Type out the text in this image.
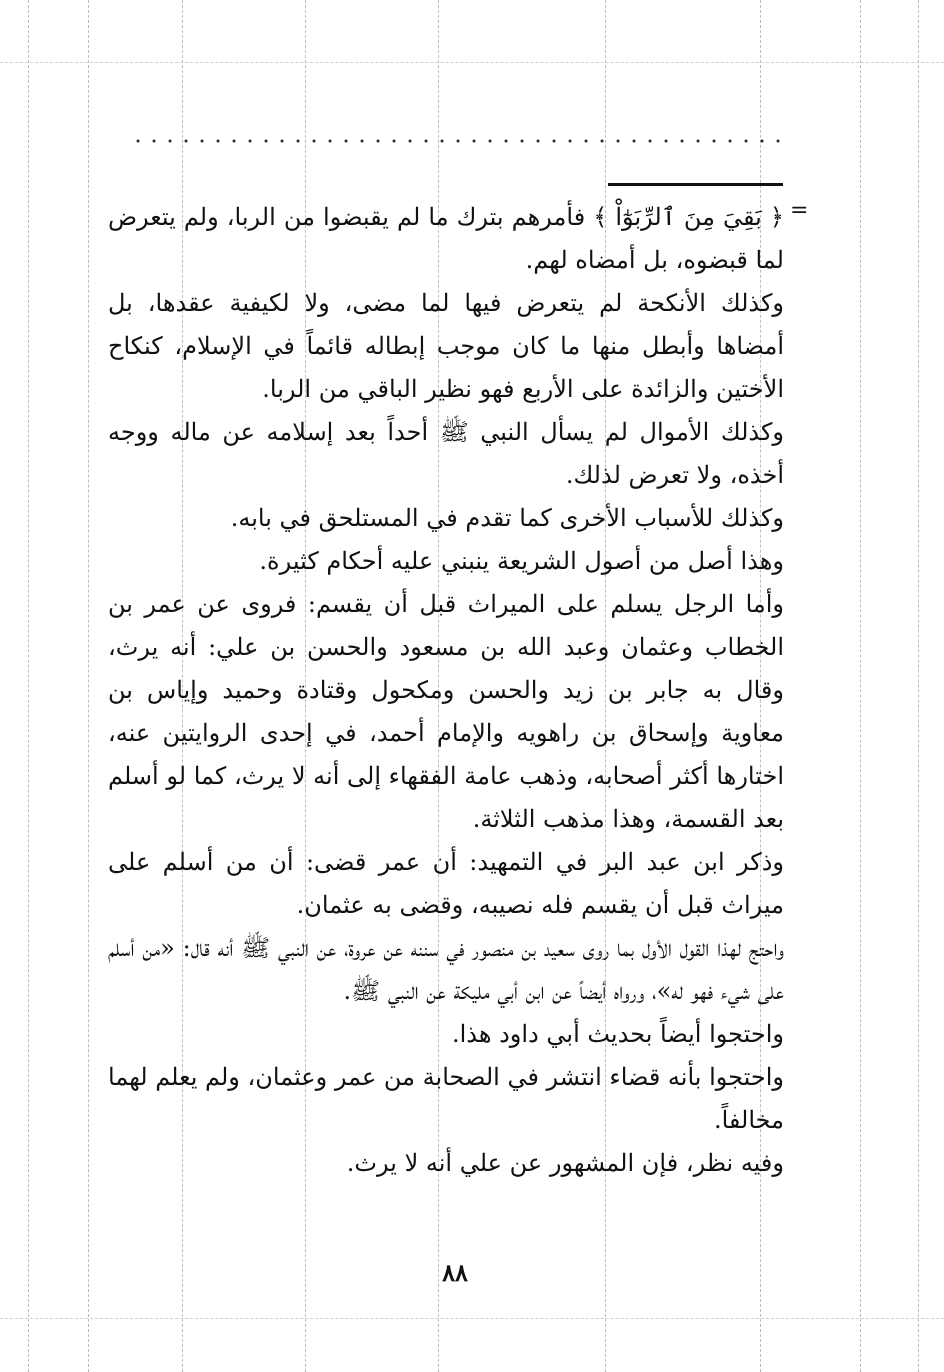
=

﴿ بَقِيَ مِنَ ٱلرِّبَوٰٓاْ ﴾ فأمرهم بترك ما لم يقبضوا من الربا، ولم يتعرض لما قبضوه، بل أمضاه لهم.

وكذلك الأنكحة لم يتعرض فيها لما مضى، ولا لكيفية عقدها، بل أمضاها وأبطل منها ما كان موجب إبطاله قائماً في الإسلام، كنكاح الأختين والزائدة على الأربع فهو نظير الباقي من الربا.

وكذلك الأموال لم يسأل النبي ﷺ أحداً بعد إسلامه عن ماله ووجه أخذه، ولا تعرض لذلك.

وكذلك للأسباب الأخرى كما تقدم في المستلحق في بابه.

وهذا أصل من أصول الشريعة ينبني عليه أحكام كثيرة.

وأما الرجل يسلم على الميراث قبل أن يقسم: فروى عن عمر بن الخطاب وعثمان وعبد الله بن مسعود والحسن بن علي: أنه يرث، وقال به جابر بن زيد والحسن ومكحول وقتادة وحميد وإياس بن معاوية وإسحاق بن راهويه والإمام أحمد، في إحدى الروايتين عنه، اختارها أكثر أصحابه، وذهب عامة الفقهاء إلى أنه لا يرث، كما لو أسلم بعد القسمة، وهذا مذهب الثلاثة.

وذكر ابن عبد البر في التمهيد: أن عمر قضى: أن من أسلم على ميراث قبل أن يقسم فله نصيبه، وقضى به عثمان.

واحتج لهذا القول الأول بما روى سعيد بن منصور في سننه عن عروة، عن النبي ﷺ أنه قال: «من أسلم على شيء فهو له»، ورواه أيضاً عن ابن أبي مليكة عن النبي ﷺ.

واحتجوا أيضاً بحديث أبي داود هذا.

واحتجوا بأنه قضاء انتشر في الصحابة من عمر وعثمان، ولم يعلم لهما مخالفاً.

وفيه نظر، فإن المشهور عن علي أنه لا يرث.

٨٨
